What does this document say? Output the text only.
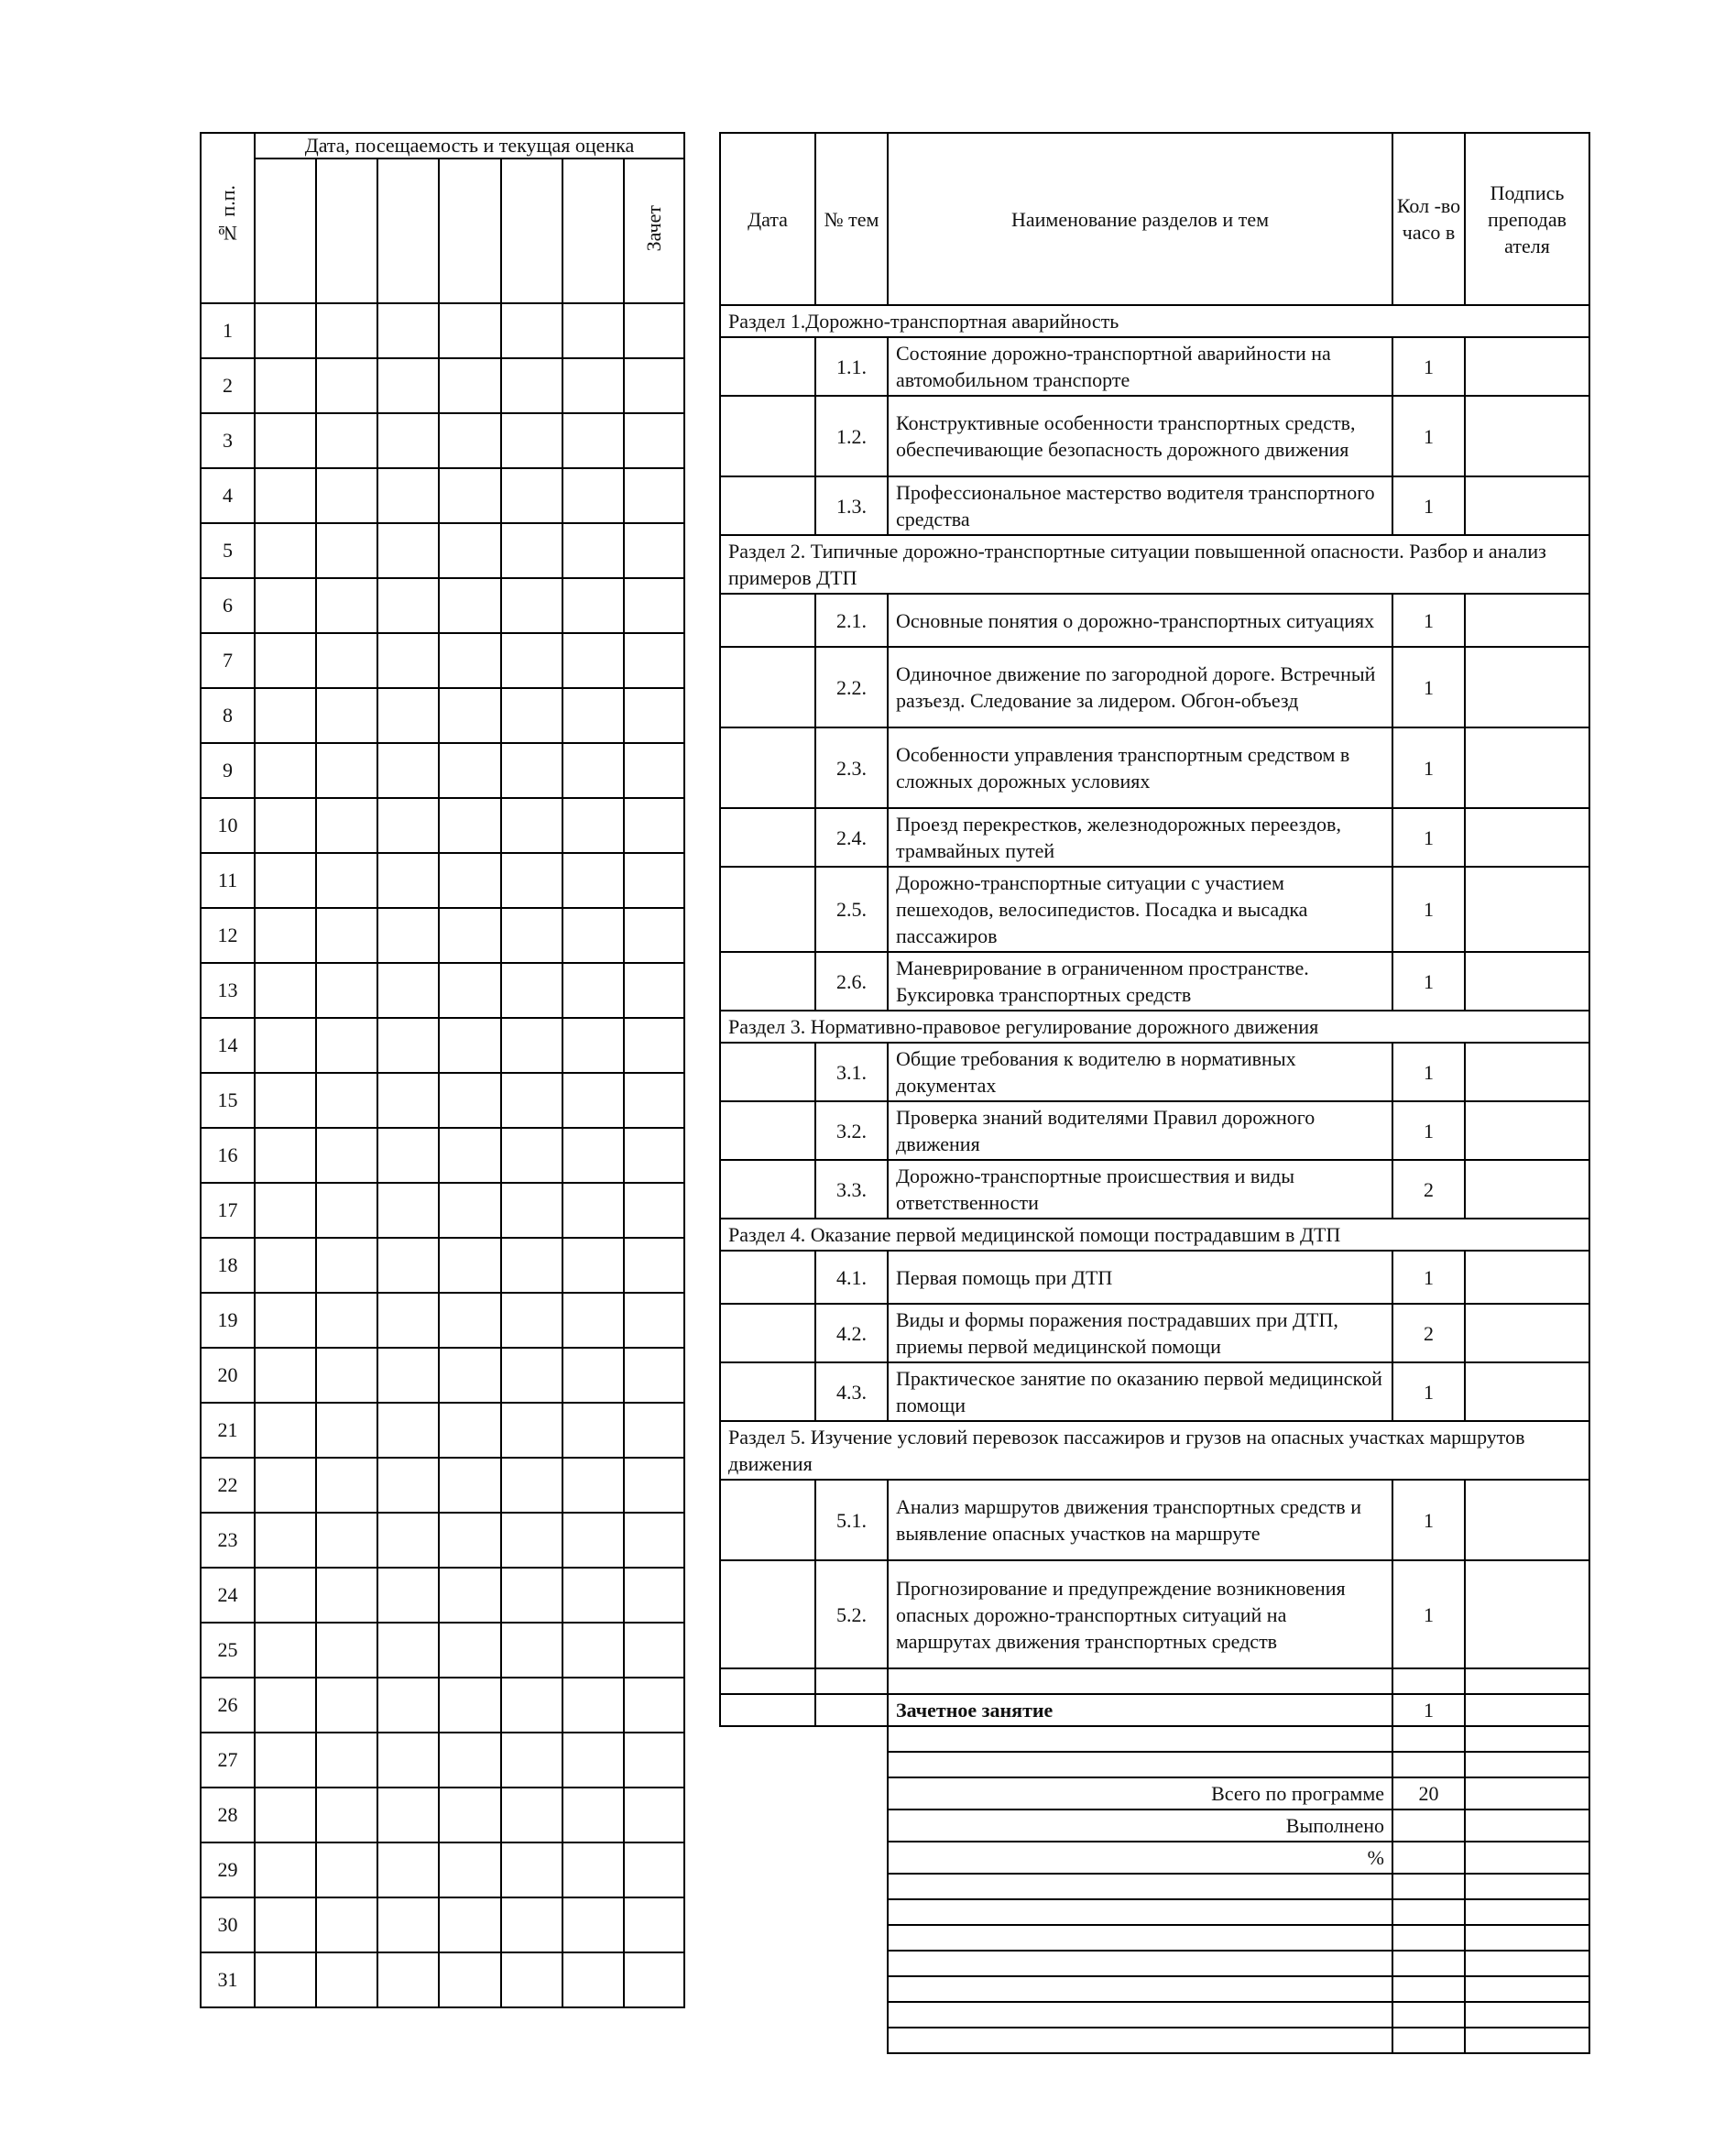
№ п.п.	Дата, посещаемость и текущая оценка						
							Зачет
1							
2							
3							
4							
5							
6							
7							
8							
9							
10							
11							
12							
13							
14							
15							
16							
17							
18							
19							
20							
21							
22							
23							
24							
25							
26							
27							
28							
29							
30							
31							
Дата	№ тем	Наименование разделов и тем	Кол -во часо в	Подпись преподав ателя
Раздел 1.Дорожно-транспортная аварийность				
	1.1.	Состояние дорожно-транспортной аварийности на автомобильном транспорте	1	
	1.2.	Конструктивные особенности транспортных средств, обеспечивающие безопасность дорожного движения	1	
	1.3.	Профессиональное мастерство водителя транспортного средства	1	
Раздел 2. Типичные дорожно-транспортные ситуации повышенной опасности. Разбор и анализ примеров ДТП				
	2.1.	Основные понятия о дорожно-транспортных ситуациях	1	
	2.2.	Одиночное движение по загородной дороге. Встречный разъезд. Следование за лидером. Обгон-объезд	1	
	2.3.	Особенности управления транспортным средством в сложных дорожных условиях	1	
	2.4.	Проезд перекрестков, железнодорожных переездов, трамвайных путей	1	
	2.5.	Дорожно-транспортные ситуации с участием пешеходов, велосипедистов. Посадка и высадка пассажиров	1	
	2.6.	Маневрирование в ограниченном пространстве. Буксировка транспортных средств	1	
Раздел 3. Нормативно-правовое регулирование дорожного движения				
	3.1.	Общие требования к водителю в нормативных документах	1	
	3.2.	Проверка знаний водителями Правил дорожного движения	1	
	3.3.	Дорожно-транспортные происшествия и виды ответственности	2	
Раздел 4. Оказание первой медицинской помощи пострадавшим в ДТП				
	4.1.	Первая помощь при ДТП	1	
	4.2.	Виды и формы поражения пострадавших при ДТП, приемы первой медицинской помощи	2	
	4.3.	Практическое занятие по оказанию первой медицинской помощи	1	
Раздел 5. Изучение условий перевозок пассажиров и грузов на опасных участках маршрутов движения				
	5.1.	Анализ маршрутов движения транспортных средств и выявление опасных участков на маршруте	1	
	5.2.	Прогнозирование и предупреждение возникновения опасных дорожно-транспортных ситуаций на маршрутах движения транспортных средств	1	

		Зачетное занятие	1	

		Всего по программе	20	
		Выполнено		
		%		
